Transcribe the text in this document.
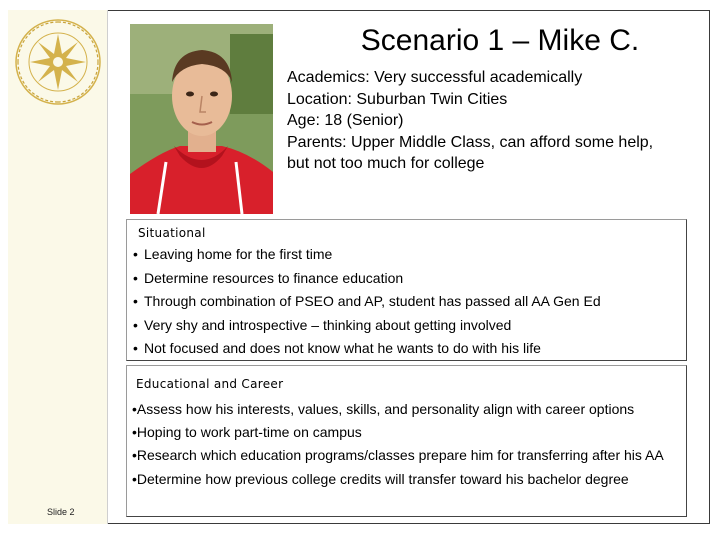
Slide 2
Scenario 1 – Mike C.
Academics: Very successful academically
Location: Suburban Twin Cities
Age: 18 (Senior)
Parents: Upper Middle Class, can afford some help,
but not too much for college
Situational
• Leaving home for the first time
• Determine resources to finance education
• Through combination of PSEO and AP, student has passed all AA Gen Ed
• Very shy and introspective – thinking about getting involved
• Not focused and does not know what he wants to do with his life
Educational and Career
•Assess how his interests, values, skills, and personality align with career options
•Hoping to work part-time on campus
•Research which education programs/classes prepare him for transferring after his AA
•Determine how previous college credits will transfer toward his bachelor degree
